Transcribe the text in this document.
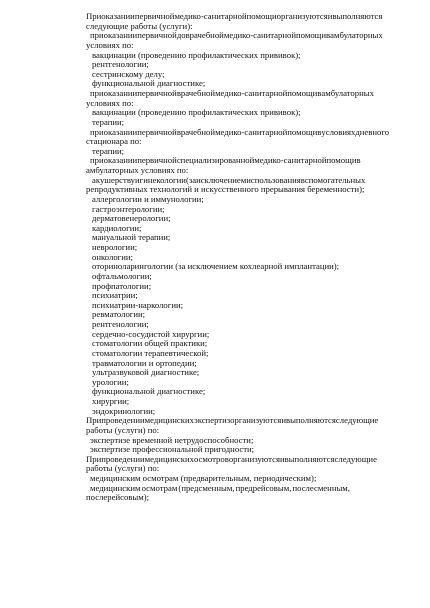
При оказании первичной медико-санитарной помощи организуются и выполняются
следующие работы (услуги):
при оказании первичной доврачебной медико-санитарной помощи в амбулаторных
условиях по:
вакцинации (проведению профилактических прививок);
рентгенологии;
сестринскому делу;
функциональной диагностике;
при оказании первичной врачебной медико-санитарной помощи в амбулаторных
условиях по:
вакцинации (проведению профилактических прививок);
терапии;
при оказании первичной врачебной медико-санитарной помощи в условиях дневного
стационара по:
терапии;
при оказании первичной специализированной медико-санитарной помощи в
амбулаторных условиях по:
акушерству и гинекологии (за исключением использования вспомогательных
репродуктивных технологий и искусственного прерывания беременности);
аллергологии и иммунологии;
гастроэнтерологии;
дерматовенерологии;
кардиологии;
мануальной терапии;
неврологии;
онкологии;
оториноларингологии (за исключением кохлеарной имплантации);
офтальмологии;
профпатологии;
психиатрии;
психиатрии-наркологии;
ревматологии;
рентгенологии;
сердечно-сосудистой хирургии;
стоматологии общей практики;
стоматологии терапевтической;
травматологии и ортопедии;
ультразвуковой диагностике;
урологии;
функциональной диагностике;
хирургии;
эндокринологии;
При проведении медицинских экспертиз организуются и выполняются следующие
работы (услуги) по:
экспертизе временной нетрудоспособности;
экспертизе профессиональной пригодности;
При проведении медицинских осмотров организуются и выполняются следующие
работы (услуги) по:
медицинским осмотрам (предварительным, периодическим);
медицинским осмотрам (предсменным, предрейсовым, послесменным,
послерейсовым);
